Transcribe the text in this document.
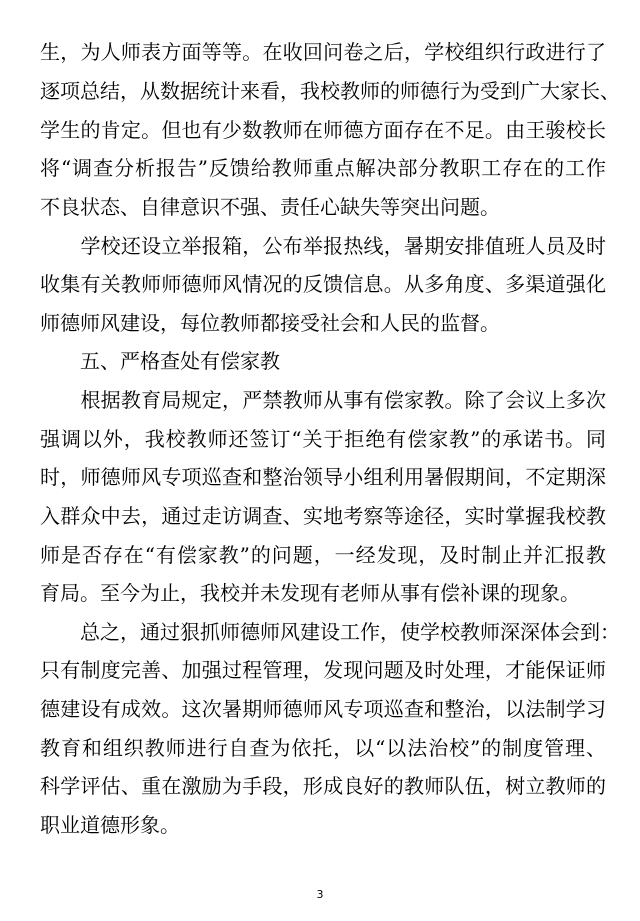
生，为人师表方面等等。在收回问卷之后，学校组织行政进行了
逐项总结，从数据统计来看，我校教师的师德行为受到广大家长、
学生的肯定。但也有少数教师在师德方面存在不足。由王骏校长
将“调查分析报告”反馈给教师重点解决部分教职工存在的工作
不良状态、自律意识不强、责任心缺失等突出问题。
　　学校还设立举报箱，公布举报热线，暑期安排值班人员及时
收集有关教师师德师风情况的反馈信息。从多角度、多渠道强化
师德师风建设，每位教师都接受社会和人民的监督。
五、严格查处有偿家教
　　根据教育局规定，严禁教师从事有偿家教。除了会议上多次
强调以外，我校教师还签订“关于拒绝有偿家教”的承诺书。同
时，师德师风专项巡查和整治领导小组利用暑假期间，不定期深
入群众中去，通过走访调查、实地考察等途径，实时掌握我校教
师是否存在“有偿家教”的问题，一经发现，及时制止并汇报教
育局。至今为止，我校并未发现有老师从事有偿补课的现象。
　　总之，通过狠抓师德师风建设工作，使学校教师深深体会到：
只有制度完善、加强过程管理，发现问题及时处理，才能保证师
德建设有成效。这次暑期师德师风专项巡查和整治，以法制学习
教育和组织教师进行自查为依托，以“以法治校”的制度管理、
科学评估、重在激励为手段，形成良好的教师队伍，树立教师的
职业道德形象。
3
